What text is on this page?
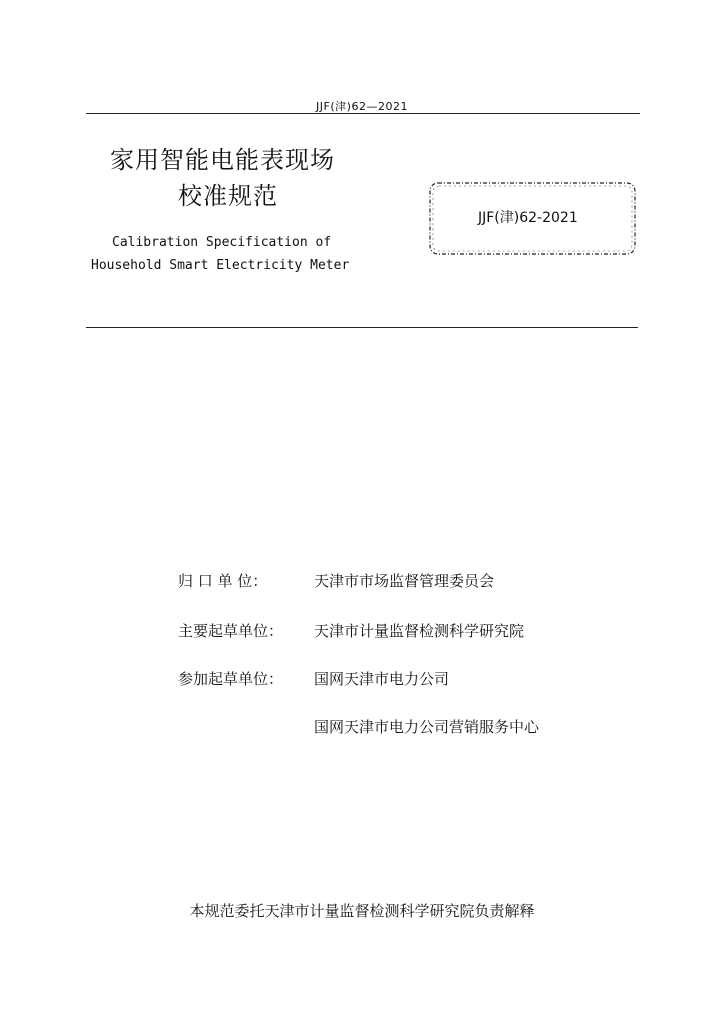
JJF(津)62—2021
家用智能电能表现场
校准规范
Calibration Specification of
Household Smart Electricity Meter
JJF(津)62-2021
归 口 单 位：	天津市市场监督管理委员会
主要起草单位： 天津市计量监督检测科学研究院
参加起草单位： 国网天津市电力公司
国网天津市电力公司营销服务中心
本规范委托天津市计量监督检测科学研究院负责解释
